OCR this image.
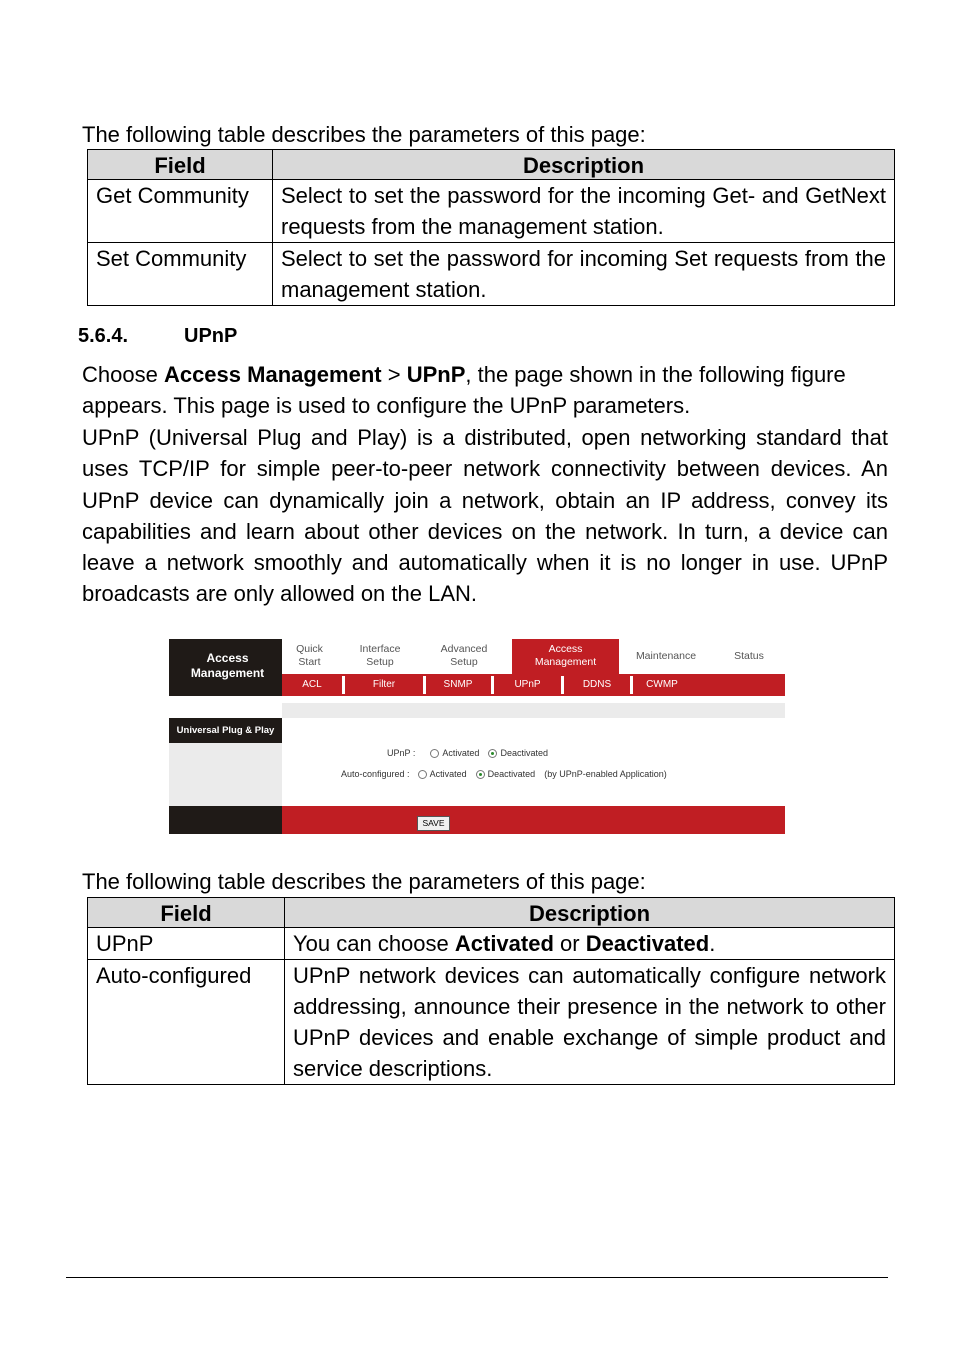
The following table describes the parameters of this page:
Field	Description
Get Community	Select to set the password for the incoming Get- and GetNext requests from the management station.
Set Community	Select to set the password for incoming Set requests from the management station.
5.6.4.	UPnP
Choose Access Management > UPnP, the page shown in the following figure appears. This page is used to configure the UPnP parameters.
UPnP (Universal Plug and Play) is a distributed, open networking standard that uses TCP/IP for simple peer-to-peer network connectivity between devices. An UPnP device can dynamically join a network, obtain an IP address, convey its capabilities and learn about other devices on the network. In turn, a device can leave a network smoothly and automatically when it is no longer in use. UPnP broadcasts are only allowed on the LAN.
Access
Management
Quick
Start
Interface
Setup
Advanced
Setup
Access
Management	Maintenance	Status
ACL	Filter	SNMP	UPnP	DDNS	CWMP
Universal Plug & Play
UPnP :	Activated Deactivated
Auto-configured : Activated Deactivated (by UPnP-enabled Application)
SAVE
The following table describes the parameters of this page:
Field	Description
UPnP	You can choose Activated or Deactivated.
Auto-configured	UPnP network devices can automatically configure network addressing, announce their presence in the network to other UPnP devices and enable exchange of simple product and service descriptions.
